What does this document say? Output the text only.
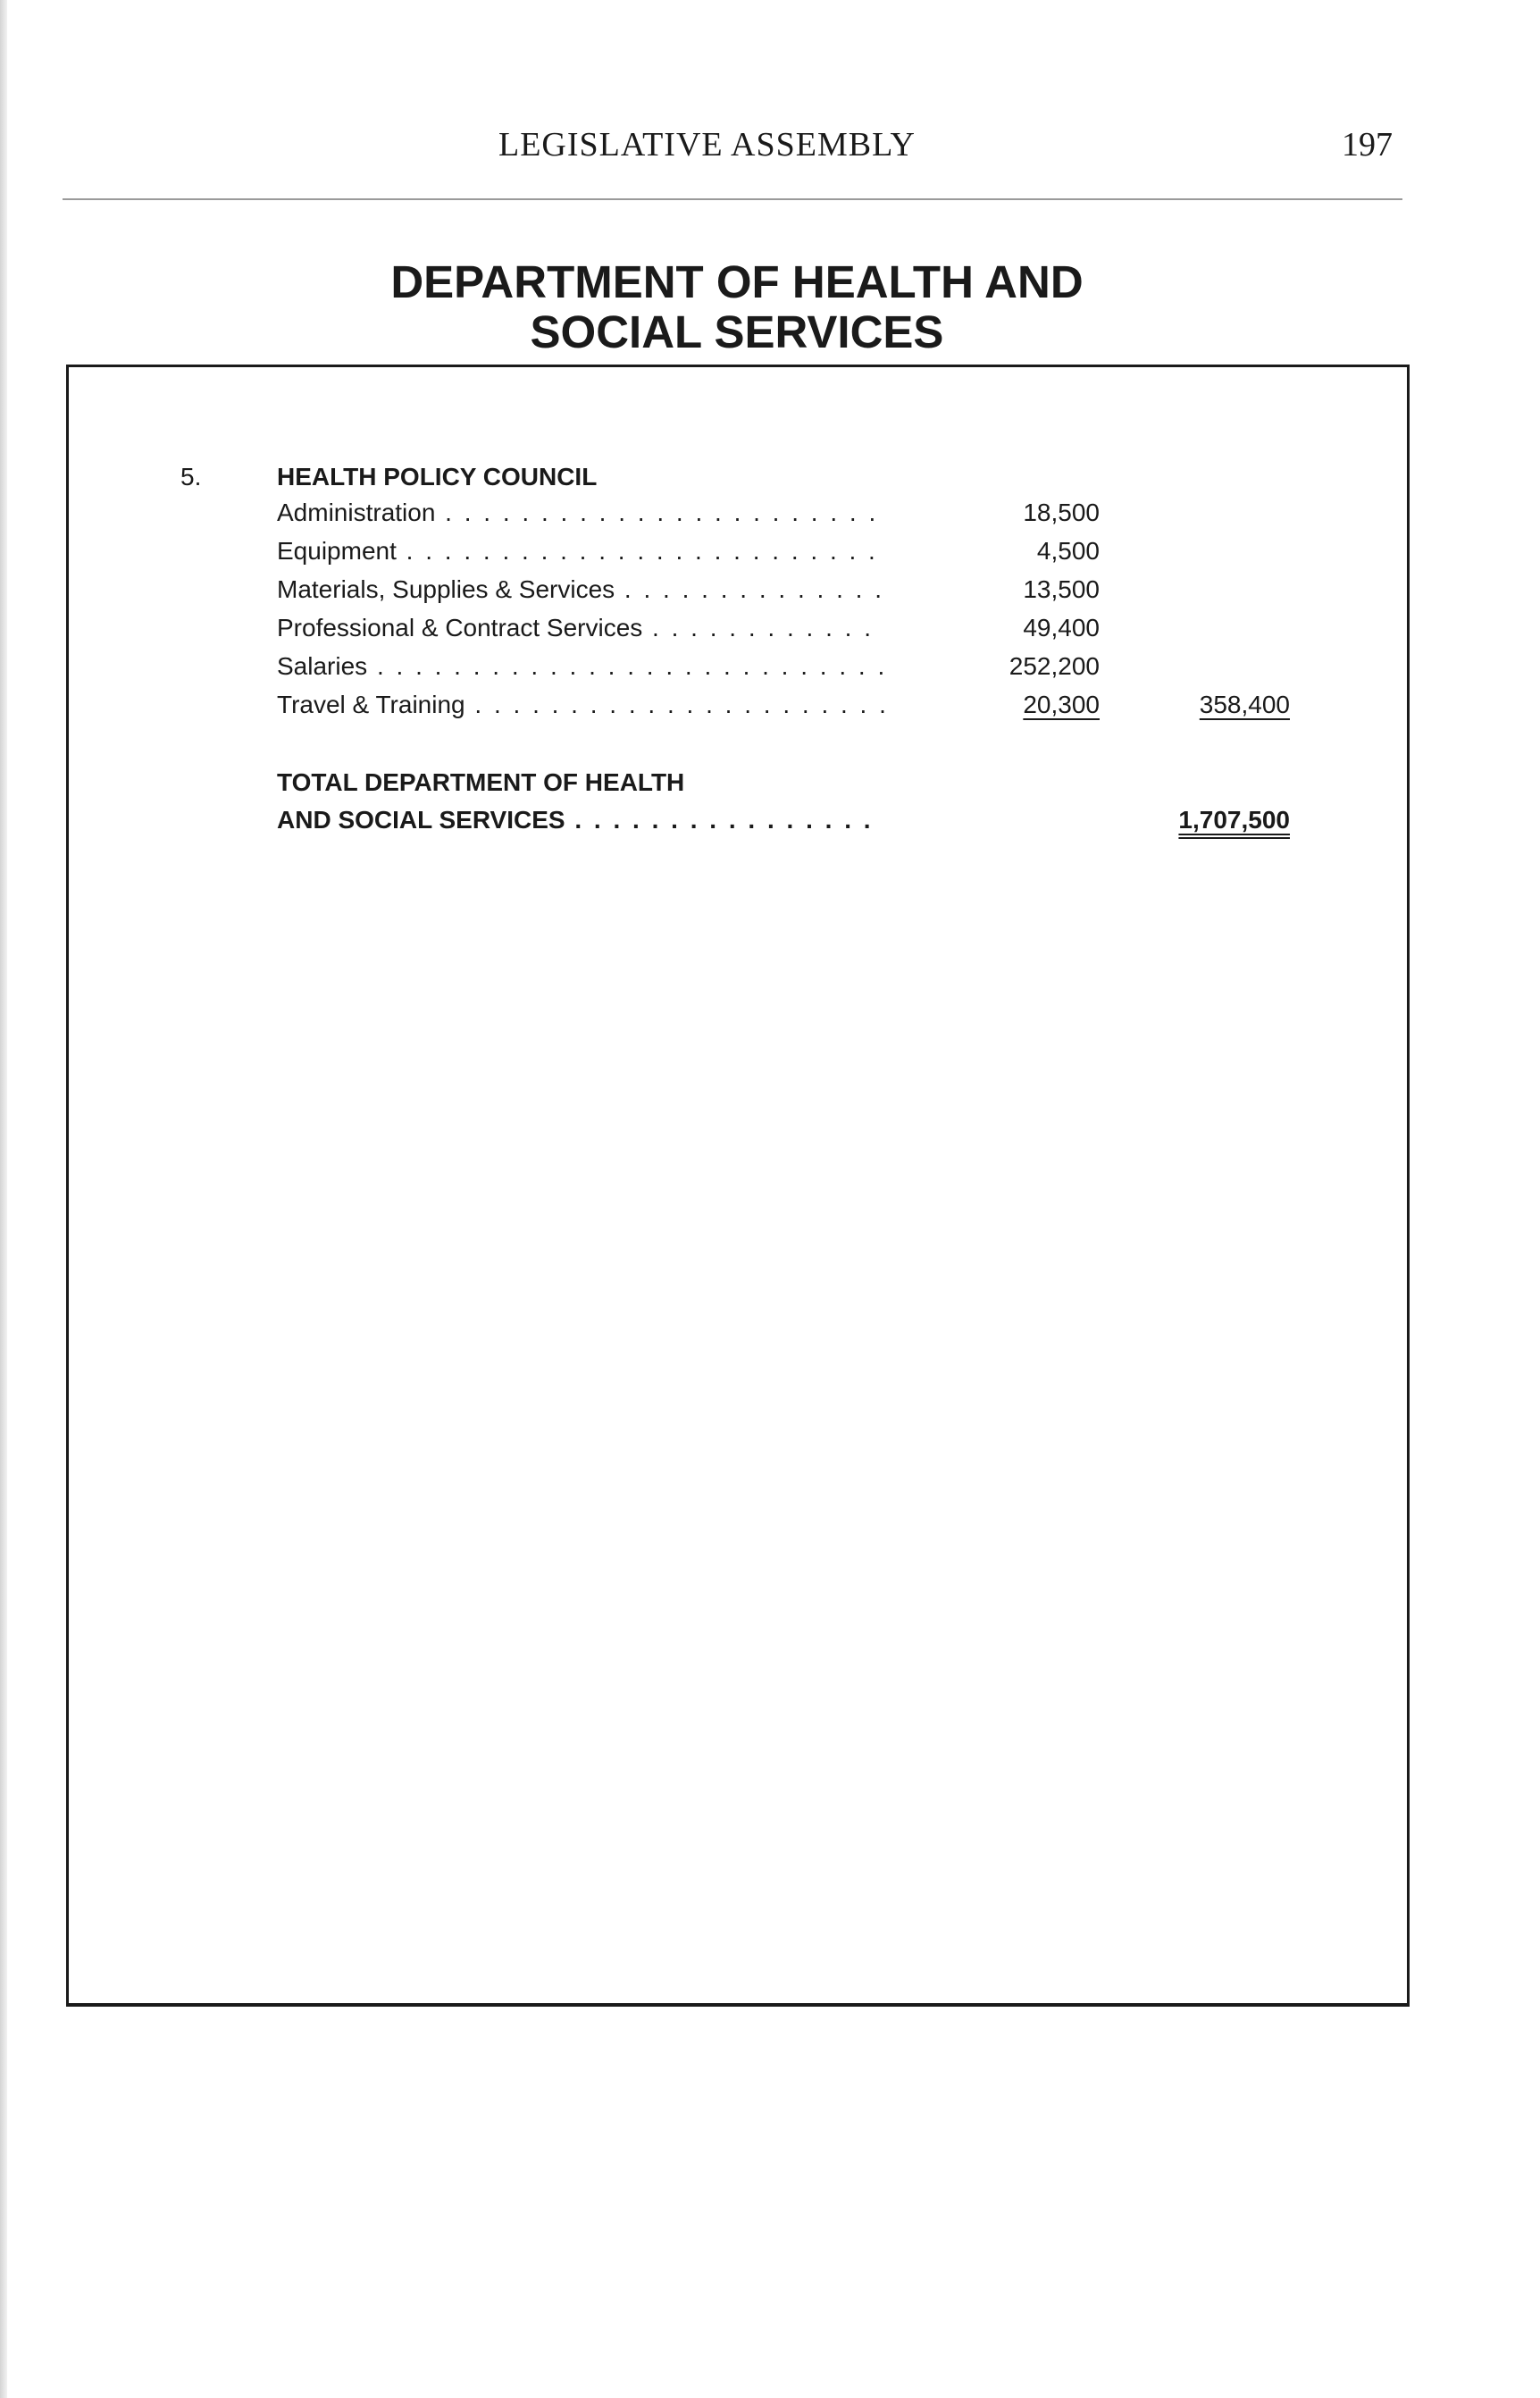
LEGISLATIVE ASSEMBLY	197
DEPARTMENT OF HEALTH AND
SOCIAL SERVICES
5.	HEALTH POLICY COUNCIL
Administration . . .	18,500
Equipment . . .	4,500
Materials, Supplies & Services . . .	13,500
Professional & Contract Services . . .	49,400
Salaries . . .	252,200
Travel & Training . . .	20,300	358,400
TOTAL DEPARTMENT OF HEALTH
AND SOCIAL SERVICES . . .	1,707,500
